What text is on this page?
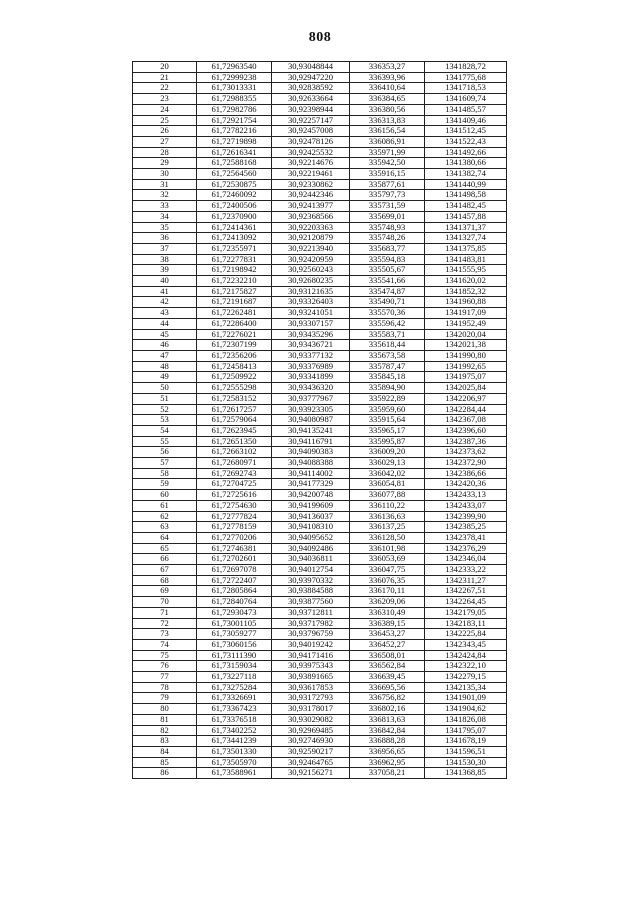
808
20	61,72963540	30,93048844	336353,27	1341828,72
21	61,72999238	30,92947220	336393,96	1341775,68
22	61,73013331	30,92838592	336410,64	1341718,53
23	61,72988355	30,92633664	336384,65	1341609,74
24	61,72982786	30,92398944	336380,56	1341485,57
25	61,72921754	30,92257147	336313,83	1341409,46
26	61,72782216	30,92457008	336156,54	1341512,45
27	61,72719898	30,92478126	336086,91	1341522,43
28	61,72616341	30,92425532	335971,99	1341492,66
29	61,72588168	30,92214676	335942,50	1341380,66
30	61,72564560	30,92219461	335916,15	1341382,74
31	61,72530875	30,92330862	335877,61	1341440,99
32	61,72460092	30,92442346	335797,73	1341498,58
33	61,72400506	30,92413977	335731,59	1341482,45
34	61,72370900	30,92368566	335699,01	1341457,88
35	61,72414361	30,92203363	335748,93	1341371,37
36	61,72413092	30,92120879	335748,26	1341327,74
37	61,72355971	30,92213940	335683,77	1341375,85
38	61,72277831	30,92420959	335594,83	1341483,81
39	61,72198942	30,92560243	335505,67	1341555,95
40	61,72232210	30,92680235	335541,66	1341620,02
41	61,72175827	30,93121635	335474,87	1341852,32
42	61,72191687	30,93326403	335490,71	1341960,88
43	61,72262481	30,93241051	335570,36	1341917,09
44	61,72286400	30,93307157	335596,42	1341952,49
45	61,72276021	30,93435296	335583,71	1342020,04
46	61,72307199	30,93436721	335618,44	1342021,38
47	61,72356206	30,93377132	335673,58	1341990,80
48	61,72458413	30,93376989	335787,47	1341992,65
49	61,72509922	30,93341899	335845,18	1341975,07
50	61,72555298	30,93436320	335894,90	1342025,84
51	61,72583152	30,93777967	335922,89	1342206,97
52	61,72617257	30,93923305	335959,60	1342284,44
53	61,72579064	30,94080987	335915,64	1342367,08
54	61,72623945	30,94135241	335965,17	1342396,60
55	61,72651350	30,94116791	335995,87	1342387,36
56	61,72663102	30,94090383	336009,20	1342373,62
57	61,72680971	30,94088388	336029,13	1342372,90
58	61,72692743	30,94114002	336042,02	1342386,66
59	61,72704725	30,94177329	336054,81	1342420,36
60	61,72725616	30,94200748	336077,88	1342433,13
61	61,72754630	30,94199609	336110,22	1342433,07
62	61,72777824	30,94136037	336136,63	1342399,90
63	61,72778159	30,94108310	336137,25	1342385,25
64	61,72770206	30,94095652	336128,50	1342378,41
65	61,72746381	30,94092486	336101,98	1342376,29
66	61,72702601	30,94036811	336053,69	1342346,04
67	61,72697078	30,94012754	336047,75	1342333,22
68	61,72722407	30,93970332	336076,35	1342311,27
69	61,72805864	30,93884588	336170,11	1342267,51
70	61,72840764	30,93877560	336209,06	1342264,45
71	61,72930473	30,93712811	336310,49	1342179,05
72	61,73001105	30,93717982	336389,15	1342183,11
73	61,73059277	30,93796759	336453,27	1342225,84
74	61,73060156	30,94019242	336452,27	1342343,45
75	61,73111390	30,94171416	336508,01	1342424,84
76	61,73159034	30,93975343	336562,84	1342322,10
77	61,73227118	30,93891665	336639,45	1342279,15
78	61,73275284	30,93617853	336695,56	1342135,34
79	61,73326691	30,93172793	336756,82	1341901,09
80	61,73367423	30,93178017	336802,16	1341904,62
81	61,73376518	30,93029082	336813,63	1341826,08
82	61,73402252	30,92969485	336842,84	1341795,07
83	61,73441239	30,92746930	336888,28	1341678,19
84	61,73501330	30,92590217	336956,65	1341596,51
85	61,73505970	30,92464765	336962,95	1341530,30
86	61,73588961	30,92156271	337058,21	1341368,85
